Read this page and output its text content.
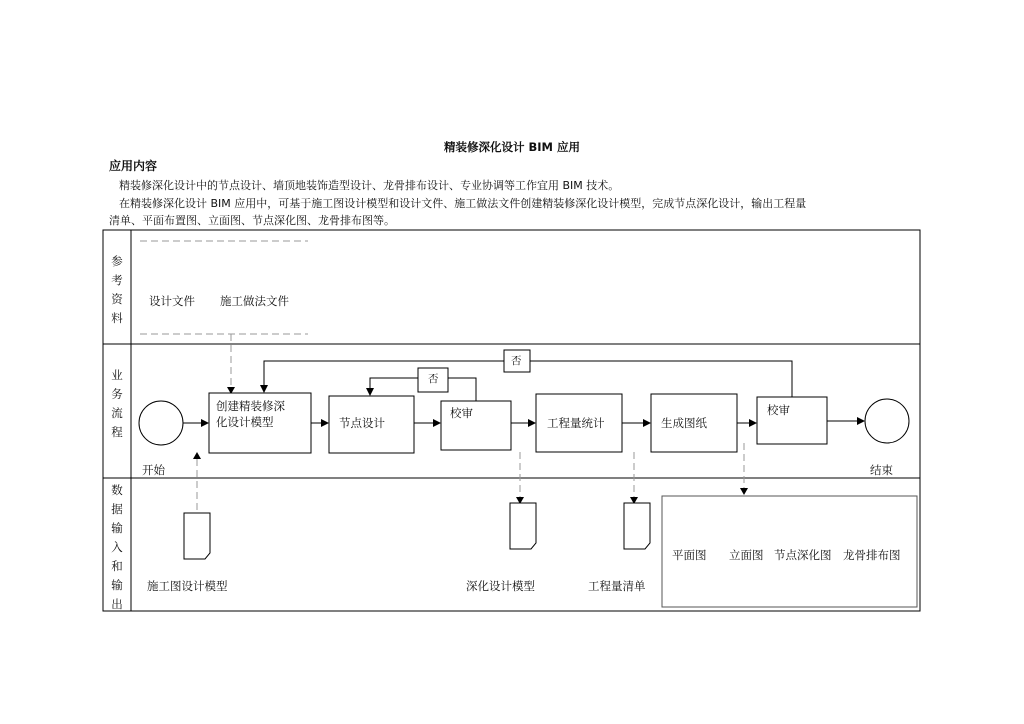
精装修深化设计 BIM 应用
应用内容
精装修深化设计中的节点设计、墙顶地装饰造型设计、龙骨排布设计、专业协调等工作宜用 BIM 技术。
在精装修深化设计 BIM 应用中，可基于施工图设计模型和设计文件、施工做法文件创建精装修深化设计模型，完成节点深化设计，输出工程量
清单、平面布置图、立面图、节点深化图、龙骨排布图等。
参
考
资
料
业
务
流
程
数
据
输
入
和
输
出
设计文件 施工做法文件
创建精装修深
化设计模型	节点设计
校审
工程量统计	生成图纸
校审
否
否
开始	结束
施工图设计模型	深化设计模型	工程量清单
平面图 立面图 节点深化图 龙骨排布图
